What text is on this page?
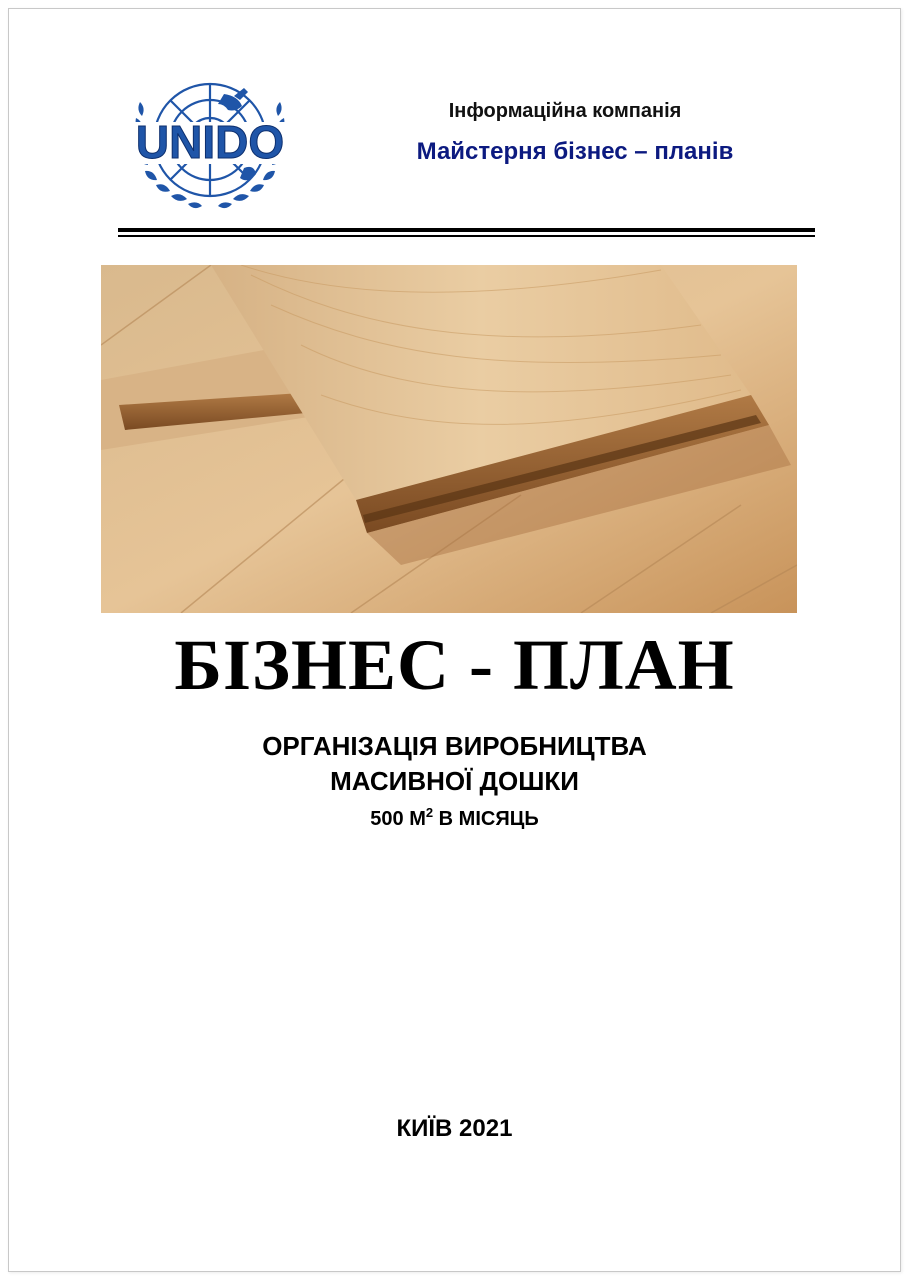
UNIDO
Інформаційна компанія
Майстерня бізнес – планів
БІЗНЕС - ПЛАН
ОРГАНІЗАЦІЯ ВИРОБНИЦТВА
МАСИВНОЇ ДОШКИ
500 $М^2$ В МІСЯЦЬ
КИЇВ 2021
